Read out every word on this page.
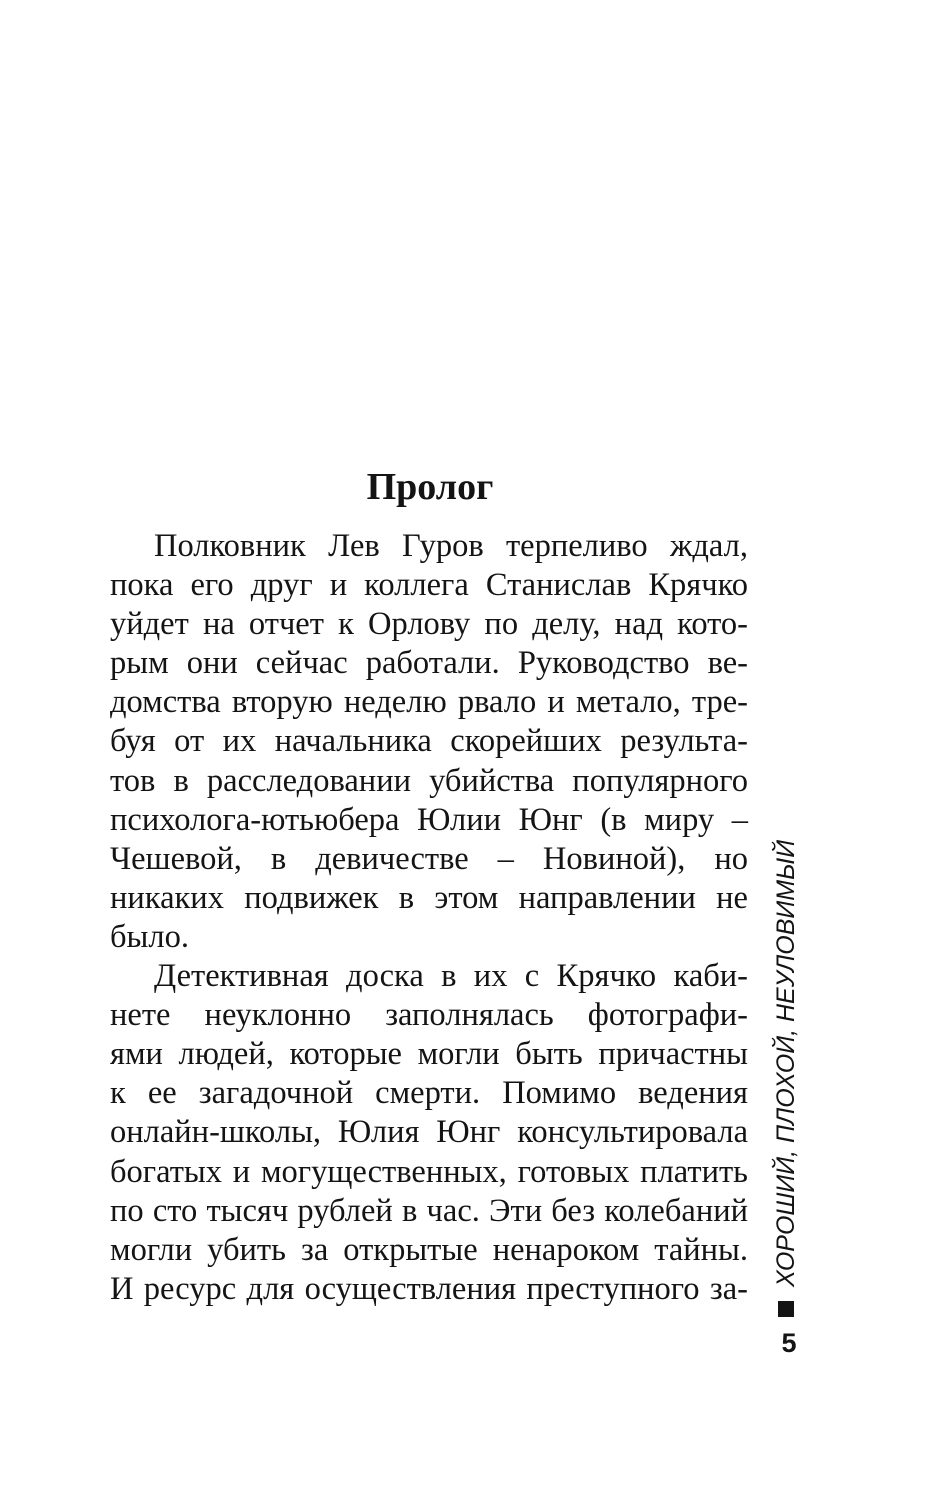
Пролог
Полковник Лев Гуров терпеливо ждал,
пока его друг и коллега Станислав Крячко
уйдет на отчет к Орлову по делу, над кото-
рым они сейчас работали. Руководство ве-
домства вторую неделю рвало и метало, тре-
буя от их начальника скорейших результа-
тов в расследовании убийства популярного
психолога-ютьюбера Юлии Юнг (в миру –
Чешевой, в девичестве – Новиной), но
никаких подвижек в этом направлении не
было.
Детективная доска в их с Крячко каби-
нете неуклонно заполнялась фотографи-
ями людей, которые могли быть причастны
к ее загадочной смерти. Помимо ведения
онлайн-школы, Юлия Юнг консультировала
богатых и могущественных, готовых платить
по сто тысяч рублей в час. Эти без колебаний
могли убить за открытые ненароком тайны.
И ресурс для осуществления преступного за-
ХОРОШИЙ, ПЛОХОЙ, НЕУЛОВИМЫЙ
5
